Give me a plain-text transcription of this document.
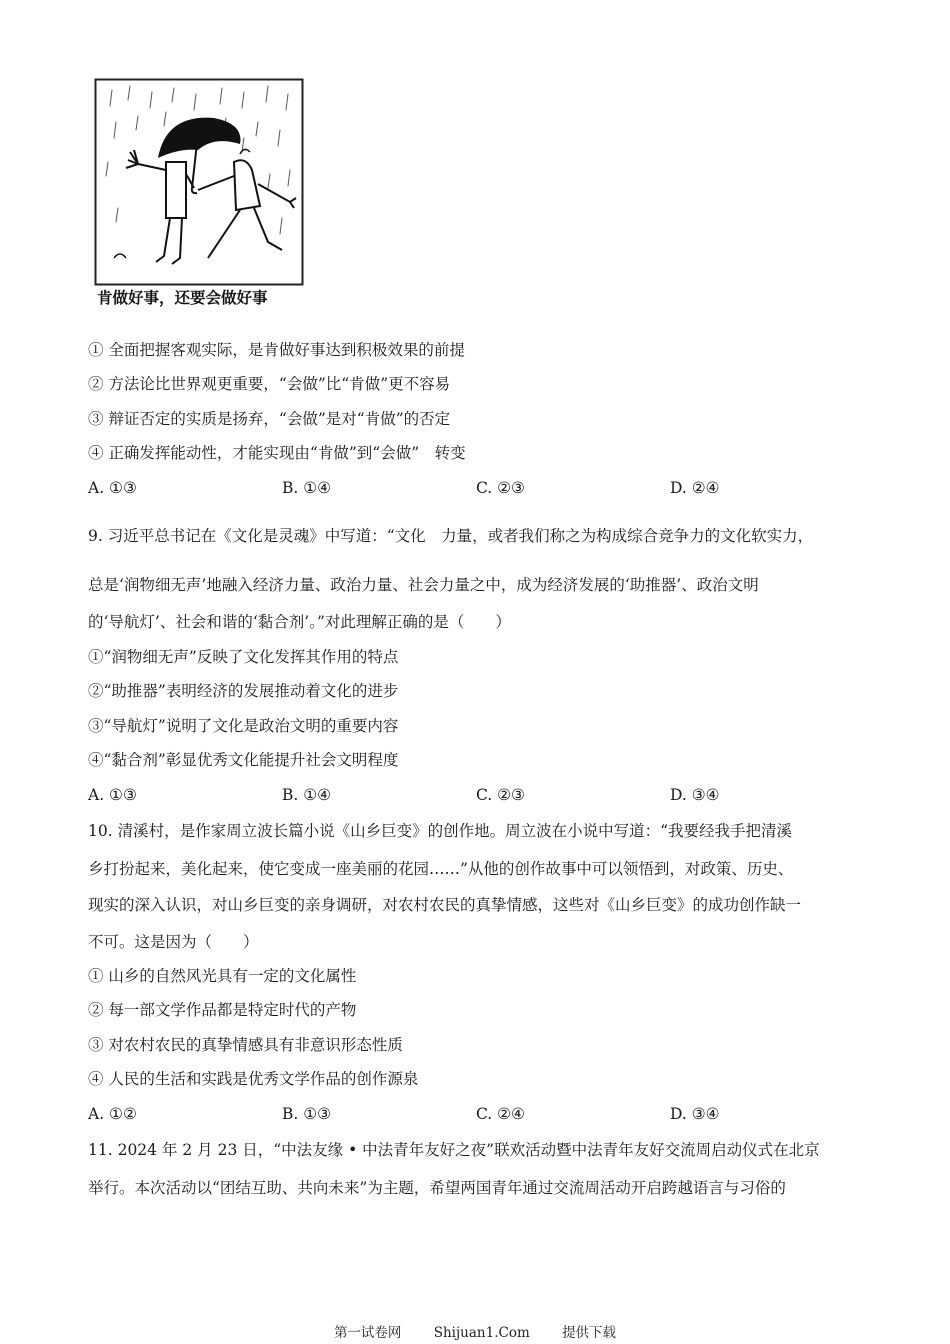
肯做好事，还要会做好事
① 全面把握客观实际，是肯做好事达到积极效果的前提
② 方法论比世界观更重要，“会做”比“肯做”更不容易
③ 辩证否定的实质是扬弃，“会做”是对“肯做”的否定
④ 正确发挥能动性，才能实现由“肯做”到“会做”　转变
A. ①③	B. ①④	C. ②③	D. ②④
9. 习近平总书记在《文化是灵魂》中写道：“文化　力量，或者我们称之为构成综合竞争力的文化软实力，
总是‘润物细无声’地融入经济力量、政治力量、社会力量之中，成为经济发展的‘助推器’、政治文明
的‘导航灯’、社会和谐的‘黏合剂’。”对此理解正确的是（　　）
①“润物细无声”反映了文化发挥其作用的特点
②“助推器”表明经济的发展推动着文化的进步
③“导航灯”说明了文化是政治文明的重要内容
④“黏合剂”彰显优秀文化能提升社会文明程度
A. ①③	B. ①④	C. ②③	D. ③④
10. 清溪村，是作家周立波长篇小说《山乡巨变》的创作地。周立波在小说中写道：“我要经我手把清溪
乡打扮起来，美化起来，使它变成一座美丽的花园……”从他的创作故事中可以领悟到，对政策、历史、
现实的深入认识，对山乡巨变的亲身调研，对农村农民的真挚情感，这些对《山乡巨变》的成功创作缺一
不可。这是因为（　　）
① 山乡的自然风光具有一定的文化属性
② 每一部文学作品都是特定时代的产物
③ 对农村农民的真挚情感具有非意识形态性质
④ 人民的生活和实践是优秀文学作品的创作源泉
A. ①②	B. ①③	C. ②④	D. ③④
11. 2024 年 2 月 23 日，“中法友缘 • 中法青年友好之夜”联欢活动暨中法青年友好交流周启动仪式在北京
举行。本次活动以“团结互助、共向未来”为主题，希望两国青年通过交流周活动开启跨越语言与习俗的
第一试卷网 Shijuan1.Com 提供下载
